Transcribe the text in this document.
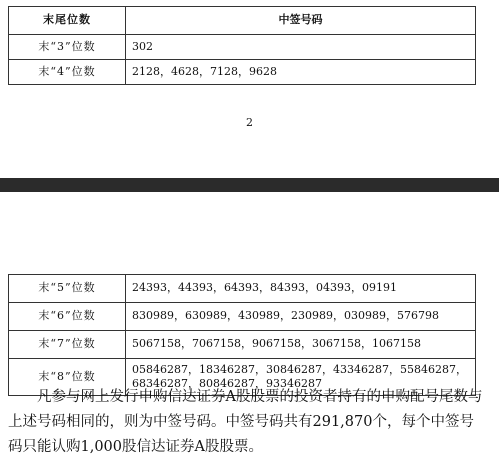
末尾位数	中签号码
末“3”位数	302
末“4”位数	2128，4628，7128，9628
2
末“5”位数	24393，44393，64393，84393，04393，09191
末“6”位数	830989，630989，430989，230989，030989，576798
末“7”位数	5067158，7067158，9067158，3067158，1067158
末“8”位数	05846287，18346287，30846287，43346287，55846287，68346287，80846287，93346287

凡参与网上发行申购信达证券A股股票的投资者持有的申购配号尾数与上述号码相同的，则为中签号码。中签号码共有291,870个，每个中签号码只能认购1,000股信达证券A股股票。
